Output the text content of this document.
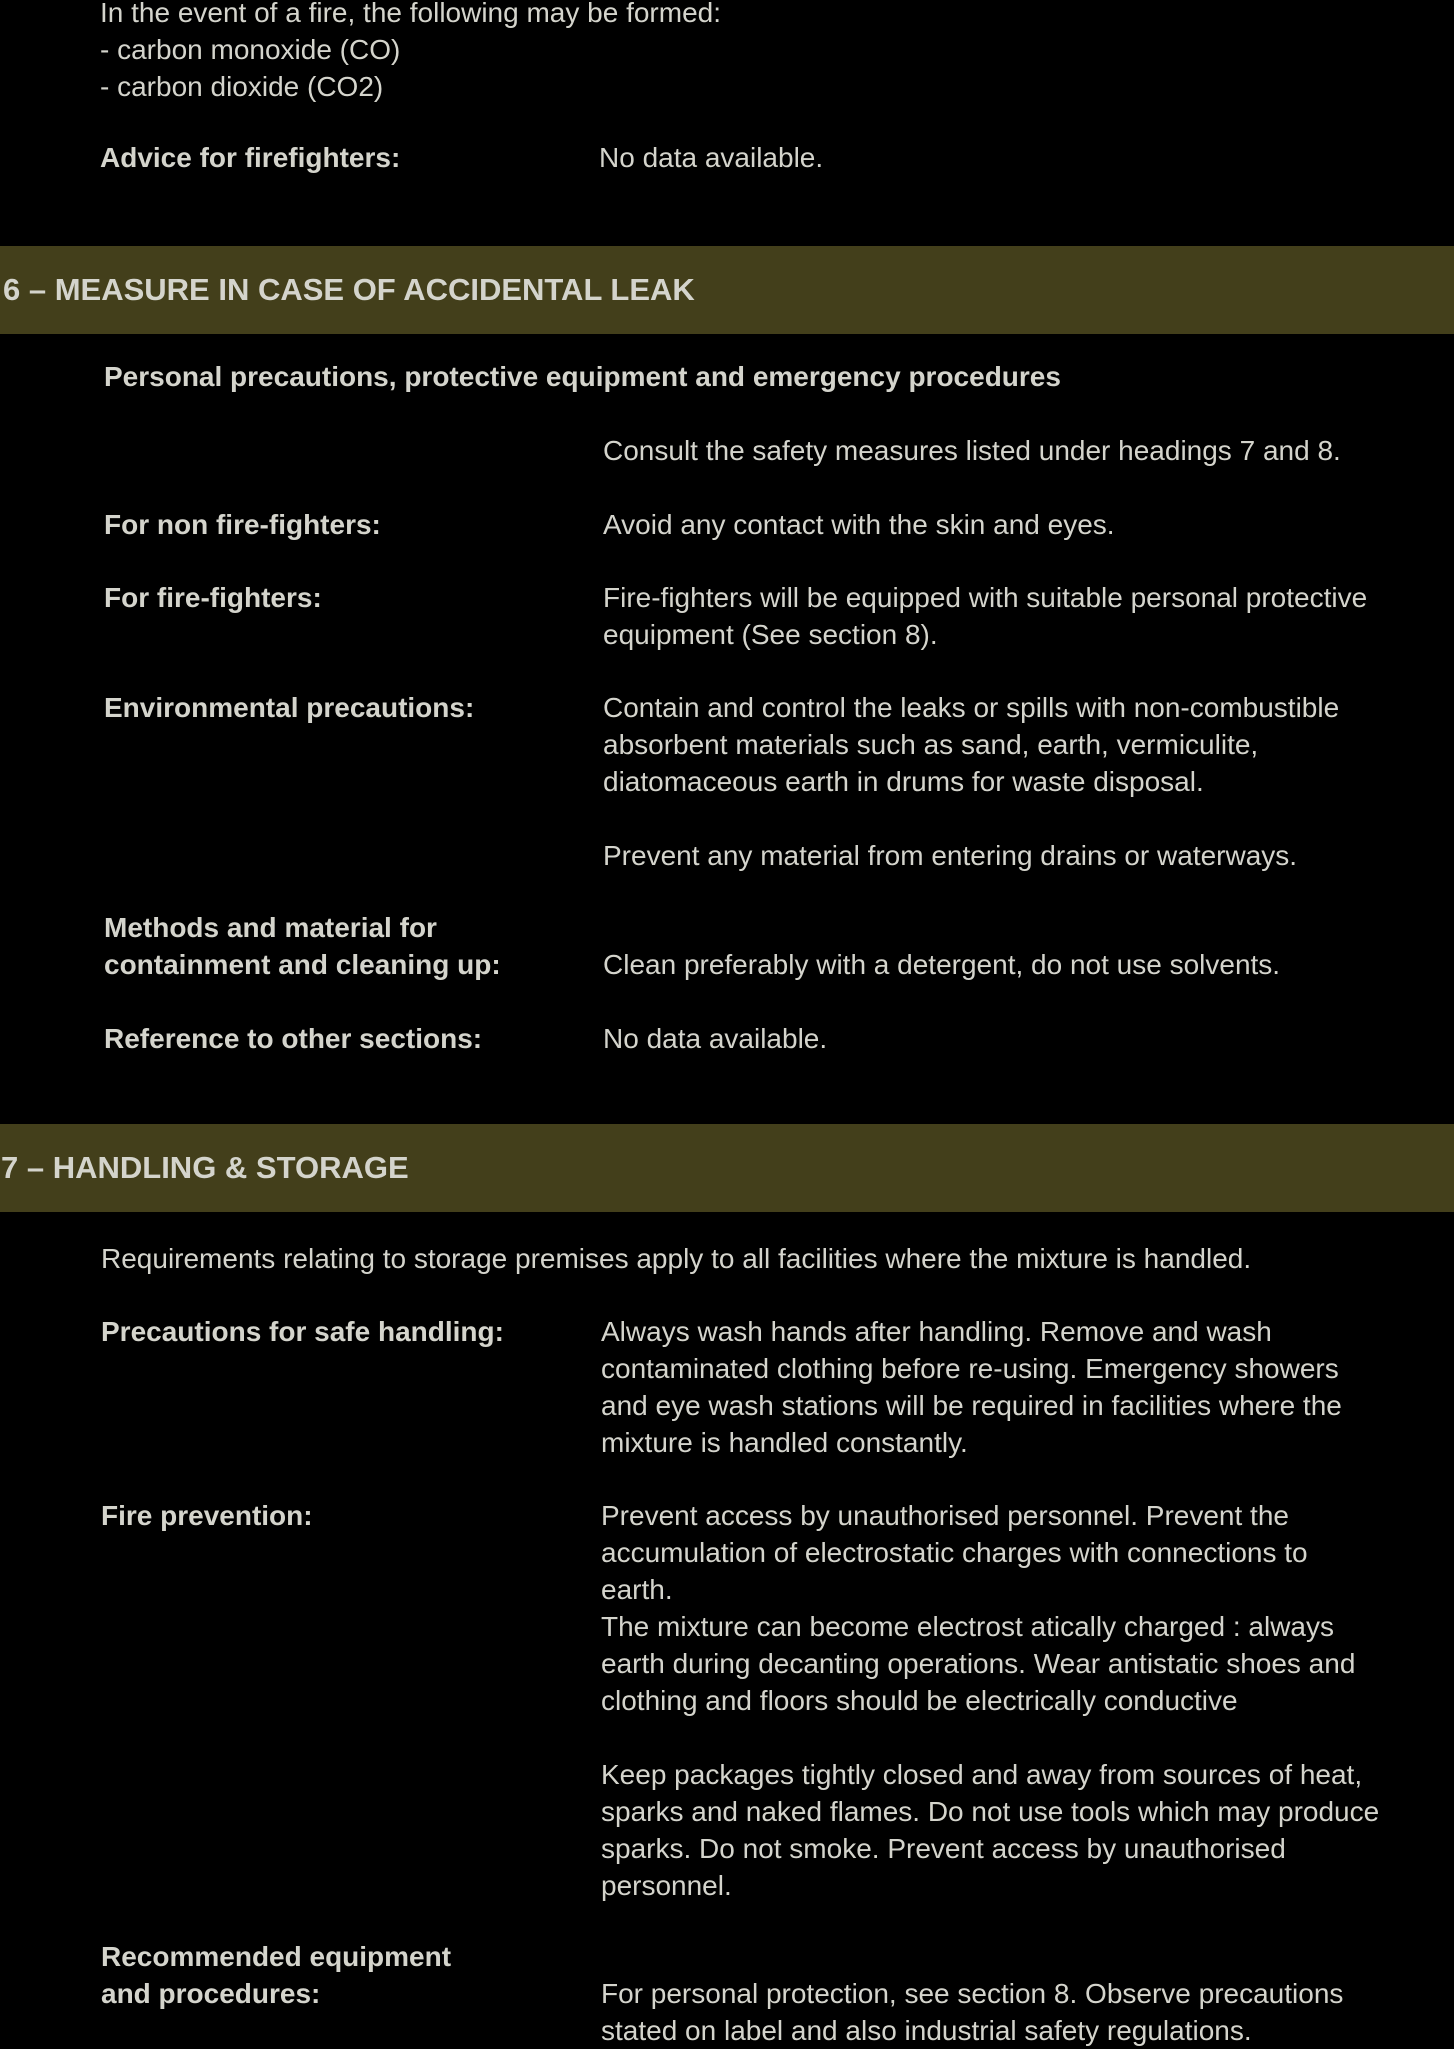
In the event of a fire, the following may be formed:
- carbon monoxide (CO)
- carbon dioxide (CO2)
Advice for firefighters:	No data available.
6 – MEASURE IN CASE OF ACCIDENTAL LEAK
Personal precautions, protective equipment and emergency procedures
Consult the safety measures listed under headings 7 and 8.
For non fire-fighters:	Avoid any contact with the skin and eyes.
For fire-fighters:	Fire-fighters will be equipped with suitable personal protective
equipment (See section 8).
Environmental precautions:	Contain and control the leaks or spills with non-combustible
absorbent materials such as sand, earth, vermiculite,
diatomaceous earth in drums for waste disposal.
Prevent any material from entering drains or waterways.
Methods and material for
containment and cleaning up:	Clean preferably with a detergent, do not use solvents.
Reference to other sections:	No data available.
7 – HANDLING & STORAGE
Requirements relating to storage premises apply to all facilities where the mixture is handled.
Precautions for safe handling:	Always wash hands after handling. Remove and wash
contaminated clothing before re-using. Emergency showers
and eye wash stations will be required in facilities where the
mixture is handled constantly.
Fire prevention:	Prevent access by unauthorised personnel. Prevent the
accumulation of electrostatic charges with connections to
earth.
The mixture can become electrost atically charged : always
earth during decanting operations. Wear antistatic shoes and
clothing and floors should be electrically conductive
Keep packages tightly closed and away from sources of heat,
sparks and naked flames. Do not use tools which may produce
sparks. Do not smoke. Prevent access by unauthorised
personnel.
Recommended equipment
and procedures:	For personal protection, see section 8. Observe precautions
stated on label and also industrial safety regulations.
